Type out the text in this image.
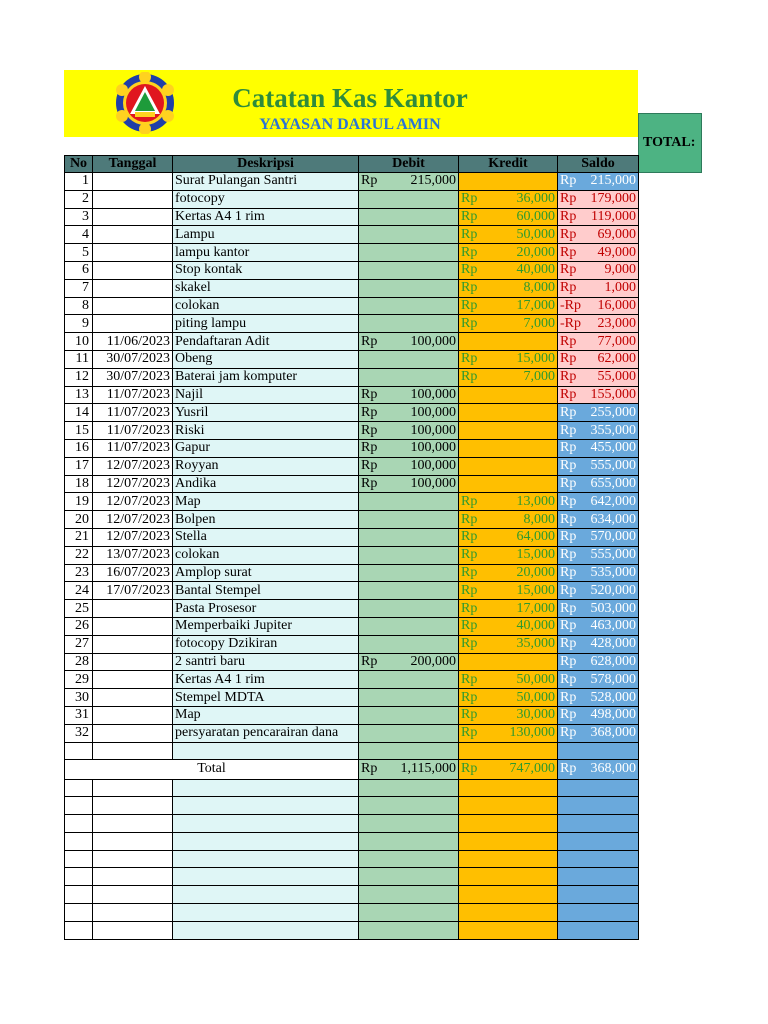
Catatan Kas Kantor
YAYASAN DARUL AMIN
TOTAL:
No	Tanggal	Deskripsi	Debit	Kredit	Saldo
1		Surat Pulangan Santri	Rp 215,000		Rp 215,000

2		fotocopy		Rp 36,000	Rp 179,000

3		Kertas A4 1 rim		Rp 60,000	Rp 119,000

4		Lampu		Rp 50,000	Rp 69,000

5		lampu kantor		Rp 20,000	Rp 49,000

6		Stop kontak		Rp 40,000	Rp 9,000

7		skakel		Rp 8,000	Rp 1,000

8		colokan		Rp 17,000	-Rp 16,000

9		piting lampu		Rp 7,000	-Rp 23,000

10	11/06/2023	Pendaftaran Adit	Rp 100,000		Rp 77,000

11	30/07/2023	Obeng		Rp 15,000	Rp 62,000

12	30/07/2023	Baterai jam komputer		Rp 7,000	Rp 55,000

13	11/07/2023	Najil	Rp 100,000		Rp 155,000

14	11/07/2023	Yusril	Rp 100,000		Rp 255,000

15	11/07/2023	Riski	Rp 100,000		Rp 355,000

16	11/07/2023	Gapur	Rp 100,000		Rp 455,000

17	12/07/2023	Royyan	Rp 100,000		Rp 555,000

18	12/07/2023	Andika	Rp 100,000		Rp 655,000

19	12/07/2023	Map		Rp 13,000	Rp 642,000

20	12/07/2023	Bolpen		Rp 8,000	Rp 634,000

21	12/07/2023	Stella		Rp 64,000	Rp 570,000

22	13/07/2023	colokan		Rp 15,000	Rp 555,000

23	16/07/2023	Amplop surat		Rp 20,000	Rp 535,000

24	17/07/2023	Bantal Stempel		Rp 15,000	Rp 520,000

25		Pasta Prosesor		Rp 17,000	Rp 503,000

26		Memperbaiki Jupiter		Rp 40,000	Rp 463,000

27		fotocopy Dzikiran		Rp 35,000	Rp 428,000

28		2 santri baru	Rp 200,000		Rp 628,000

29		Kertas A4 1 rim		Rp 50,000	Rp 578,000

30		Stempel MDTA		Rp 50,000	Rp 528,000

31		Map		Rp 30,000	Rp 498,000

32		persyaratan pencarairan dana		Rp 130,000	Rp 368,000

Total			Rp 1,115,000	Rp 747,000	Rp 368,000
